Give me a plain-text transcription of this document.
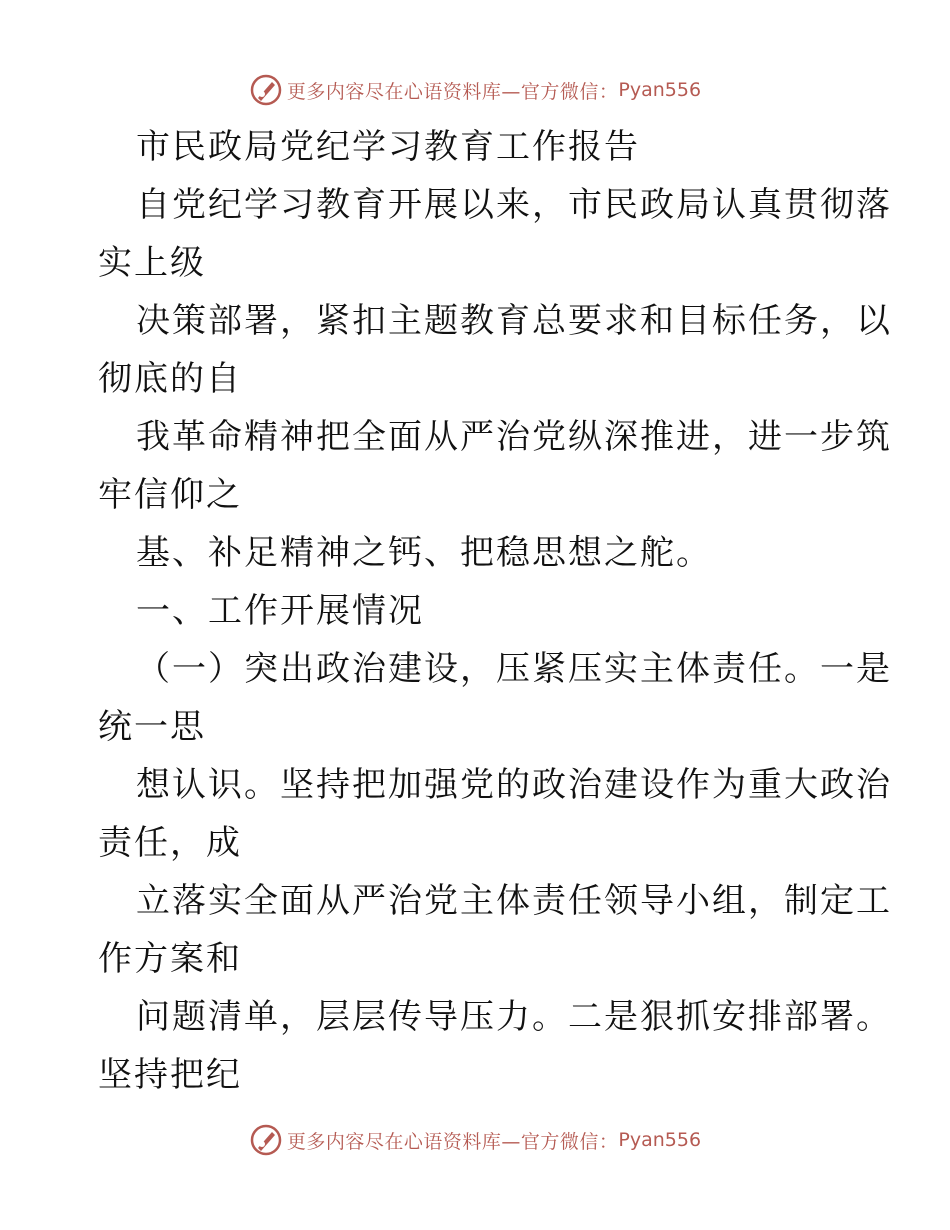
更多内容尽在心语资料库—官方微信： Pyan556
市民政局党纪学习教育工作报告
自党纪学习教育开展以来，市民政局认真贯彻落
实上级
决策部署，紧扣主题教育总要求和目标任务，以
彻底的自
我革命精神把全面从严治党纵深推进，进一步筑
牢信仰之
基、补足精神之钙、把稳思想之舵。
一、工作开展情况
（一）突出政治建设，压紧压实主体责任。一是
统一思
想认识。坚持把加强党的政治建设作为重大政治
责任，成
立落实全面从严治党主体责任领导小组，制定工
作方案和
问题清单，层层传导压力。二是狠抓安排部署。
坚持把纪
更多内容尽在心语资料库—官方微信： Pyan556
